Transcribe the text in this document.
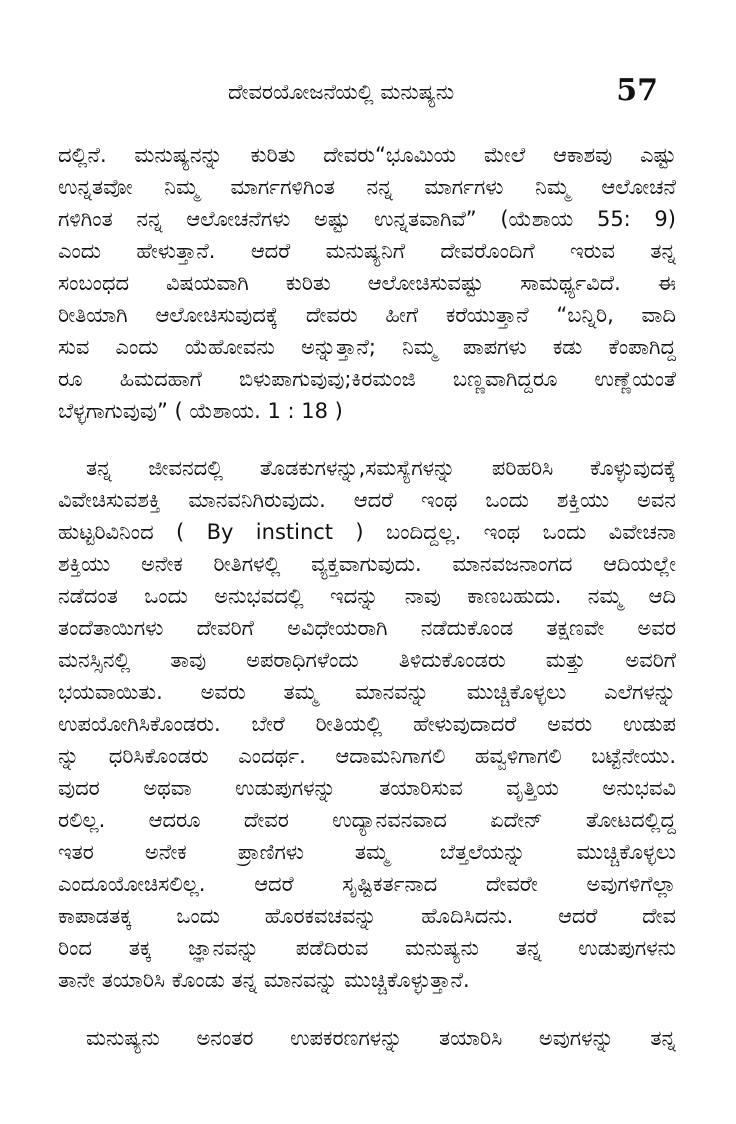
ದೇವರಯೋಜನೆಯಲ್ಲಿ ಮನುಷ್ಯನು	57
ದಲ್ಲಿನೆ. ಮನುಷ್ಯನನ್ನು ಕುರಿತು ದೇವರು“ಭೂಮಿಯ ಮೇಲೆ ಆಕಾಶವು ಎಷ್ಟು
ಉನ್ನತವೋ ನಿಮ್ಮ ಮಾರ್ಗಗಳಿಗಿಂತ ನನ್ನ ಮಾರ್ಗಗಳು ನಿಮ್ಮ ಆಲೋಚನೆ
ಗಳಿಗಿಂತ ನನ್ನ ಆಲೋಚನೆಗಳು ಅಷ್ಟು ಉನ್ನತವಾಗಿವೆ” (ಯೆಶಾಯ 55: 9)
ಎಂದು ಹೇಳುತ್ತಾನೆ. ಆದರೆ ಮನುಷ್ಯನಿಗೆ ದೇವರೊಂದಿಗೆ ಇರುವ ತನ್ನ
ಸಂಬಂಧದ ವಿಷಯವಾಗಿ ಕುರಿತು ಆಲೋಚಿಸುವಷ್ಟು ಸಾಮರ್ಥ್ಯವಿದೆ. ಈ
ರೀತಿಯಾಗಿ ಆಲೋಚಿಸುವುದಕ್ಕೆ ದೇವರು ಹೀಗೆ ಕರೆಯುತ್ತಾನೆ “ಬನ್ನಿರಿ, ವಾದಿ
ಸುವ ಎಂದು ಯೆಹೋವನು ಅನ್ನುತ್ತಾನೆ; ನಿಮ್ಮ ಪಾಪಗಳು ಕಡು ಕೆಂಪಾಗಿದ್ದ
ರೂ ಹಿಮದಹಾಗೆ ಬಿಳುಪಾಗುವುವು;ಕಿರಮಂಜಿ ಬಣ್ಣವಾಗಿದ್ದರೂ ಉಣ್ಣೆಯಂತೆ
ಬೆಳ್ಳಗಾಗುವುವು” ( ಯೆಶಾಯ. 1 : 18 )
ತನ್ನ ಜೀವನದಲ್ಲಿ ತೊಡಕುಗಳನ್ನು,ಸಮಸ್ಯೆಗಳನ್ನು ಪರಿಹರಿಸಿ ಕೊಳ್ಳುವುದಕ್ಕೆ
ವಿವೇಚಿಸುವಶಕ್ತಿ ಮಾನವನಿಗಿರುವುದು. ಆದರೆ ಇಂಥ ಒಂದು ಶಕ್ತಿಯು ಅವನ
ಹುಟ್ಟರಿವಿನಿಂದ ( By instinct ) ಬಂದಿದ್ದಲ್ಲ. ಇಂಥ ಒಂದು ವಿವೇಚನಾ
ಶಕ್ತಿಯು ಅನೇಕ ರೀತಿಗಳಲ್ಲಿ ವ್ಯಕ್ತವಾಗುವುದು. ಮಾನವಜನಾಂಗದ ಆದಿಯಲ್ಲೇ
ನಡೆದಂತ ಒಂದು ಅನುಭವದಲ್ಲಿ ಇದನ್ನು ನಾವು ಕಾಣಬಹುದು. ನಮ್ಮ ಆದಿ
ತಂದೆತಾಯಿಗಳು ದೇವರಿಗೆ ಅವಿಧೇಯರಾಗಿ ನಡೆದುಕೊಂಡ ತಕ್ಷಣವೇ ಅವರ
ಮನಸ್ಸಿನಲ್ಲಿ ತಾವು ಅಪರಾಧಿಗಳೆಂದು ತಿಳಿದುಕೊಂಡರು ಮತ್ತು ಅವರಿಗೆ
ಭಯವಾಯಿತು. ಅವರು ತಮ್ಮ ಮಾನವನ್ನು ಮುಚ್ಚಿಕೊಳ್ಳಲು ಎಲೆಗಳನ್ನು
ಉಪಯೋಗಿಸಿಕೊಂಡರು. ಬೇರೆ ರೀತಿಯಲ್ಲಿ ಹೇಳುವುದಾದರೆ ಅವರು ಉಡುಪ
ನ್ನು ಧರಿಸಿಕೊಂಡರು ಎಂದರ್ಥ. ಆದಾಮನಿಗಾಗಲಿ ಹವ್ವಳಿಗಾಗಲಿ ಬಟ್ಟೆನೇಯು.
ವುದರ ಅಥವಾ ಉಡುಪುಗಳನ್ನು ತಯಾರಿಸುವ ವೃತ್ತಿಯ ಅನುಭವವಿ
ರಲಿಲ್ಲ. ಆದರೂ ದೇವರ ಉದ್ಯಾನವನವಾದ ಏದೇನ್ ತೋಟದಲ್ಲಿದ್ದ
ಇತರ ಅನೇಕ ಪ್ರಾಣಿಗಳು ತಮ್ಮ ಬೆತ್ತಲೆಯನ್ನು ಮುಚ್ಚಿಕೊಳ್ಳಲು
ಎಂದೂಯೋಚಿಸಲಿಲ್ಲ. ಆದರೆ ಸೃಷ್ಟಿಕರ್ತನಾದ ದೇವರೇ ಅವುಗಳಿಗೆಲ್ಲಾ
ಕಾಪಾಡತಕ್ಕ ಒಂದು ಹೊರಕವಚವನ್ನು ಹೊದಿಸಿದನು. ಆದರೆ ದೇವ
ರಿಂದ ತಕ್ಕ ಜ್ಞಾನವನ್ನು ಪಡೆದಿರುವ ಮನುಷ್ಯನು ತನ್ನ ಉಡುಪುಗಳನು
ತಾನೇ ತಯಾರಿಸಿ ಕೊಂಡು ತನ್ನ ಮಾನವನ್ನು ಮುಚ್ಚಿಕೊಳ್ಳುತ್ತಾನೆ.
ಮನುಷ್ಯನು ಅನಂತರ ಉಪಕರಣಗಳನ್ನು ತಯಾರಿಸಿ ಅವುಗಳನ್ನು ತನ್ನ
